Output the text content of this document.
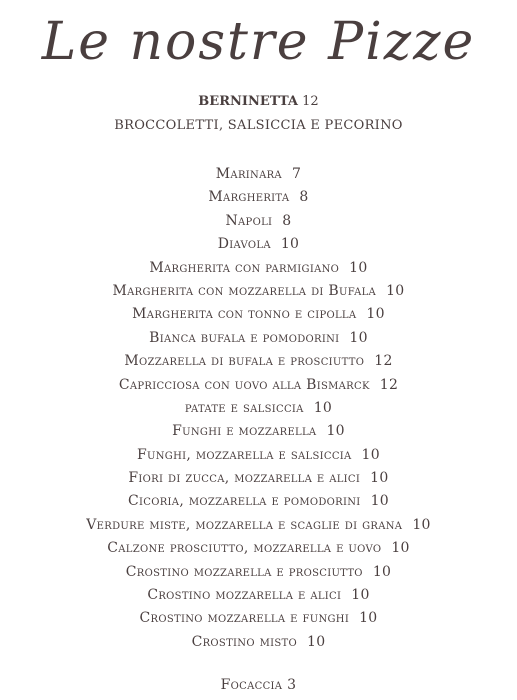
Le nostre Pizze
BERNINETTA 12
BROCCOLETTI, SALSICCIA E PECORINO
Marinara 7
Margherita 8
Napoli 8
Diavola 10
Margherita con parmigiano 10
Margherita con mozzarella di Bufala 10
Margherita con tonno e cipolla 10
Bianca bufala e pomodorini 10
Mozzarella di bufala e prosciutto 12
Capricciosa con uovo alla Bismarck 12
patate e salsiccia 10
Funghi e mozzarella 10
Funghi, mozzarella e salsiccia 10
Fiori di zucca, mozzarella e alici 10
Cicoria, mozzarella e pomodorini 10
Verdure miste, mozzarella e scaglie di grana 10
Calzone prosciutto, mozzarella e uovo 10
Crostino mozzarella e prosciutto 10
Crostino mozzarella e alici 10
Crostino mozzarella e funghi 10
Crostino misto 10
Focaccia 3
